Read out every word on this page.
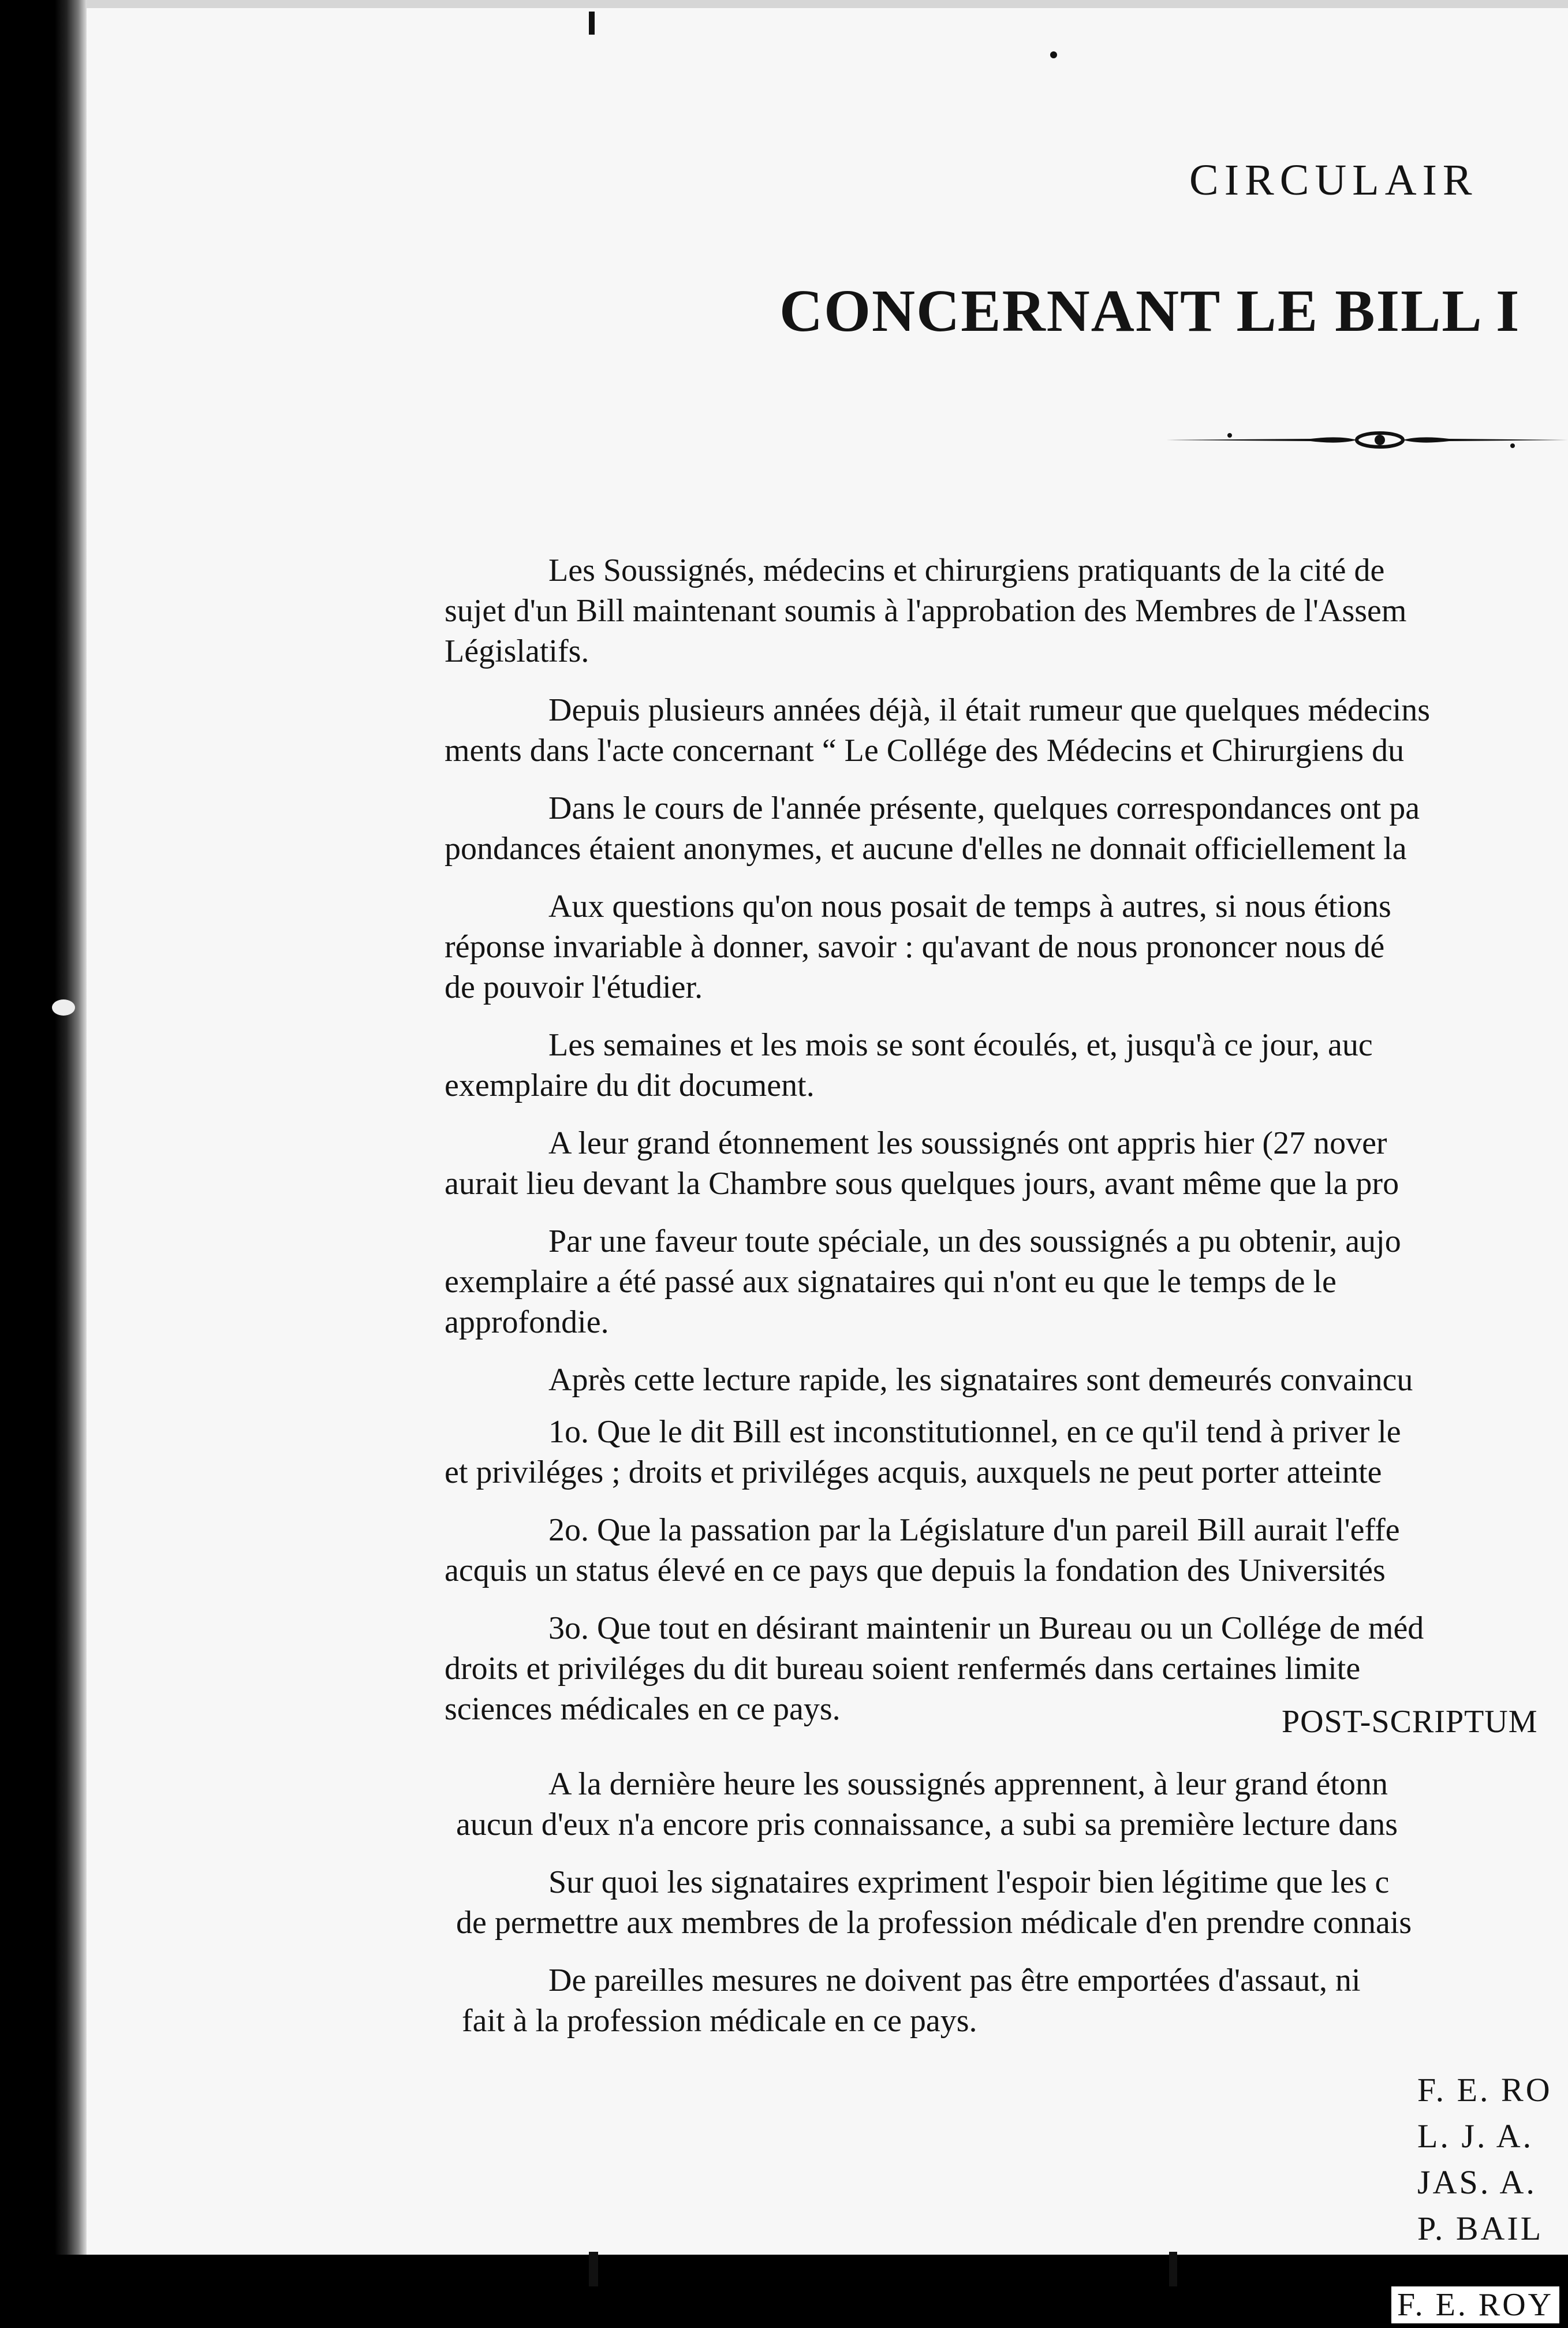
CIRCULAIR
CONCERNANT LE BILL I
Les Soussignés, médecins et chirurgiens pratiquants de la cité de
sujet d'un Bill maintenant soumis à l'approbation des Membres de l'Assem
Législatifs.
Depuis plusieurs années déjà, il était rumeur que quelques médecins
ments dans l'acte concernant “ Le Collége des Médecins et Chirurgiens du
Dans le cours de l'année présente, quelques correspondances ont pa
pondances étaient anonymes, et aucune d'elles ne donnait officiellement la
Aux questions qu'on nous posait de temps à autres, si nous étions
réponse invariable à donner, savoir : qu'avant de nous prononcer nous dé
de pouvoir l'étudier.
Les semaines et les mois se sont écoulés, et, jusqu'à ce jour, auc
exemplaire du dit document.
A leur grand étonnement les soussignés ont appris hier (27 nover
aurait lieu devant la Chambre sous quelques jours, avant même que la pro
Par une faveur toute spéciale, un des soussignés a pu obtenir, aujo
exemplaire a été passé aux signataires qui n'ont eu que le temps de le
approfondie.
Après cette lecture rapide, les signataires sont demeurés convaincu
1o. Que le dit Bill est inconstitutionnel, en ce qu'il tend à priver le
et priviléges ; droits et priviléges acquis, auxquels ne peut porter atteinte
2o. Que la passation par la Législature d'un pareil Bill aurait l'effe
acquis un status élevé en ce pays que depuis la fondation des Universités
3o. Que tout en désirant maintenir un Bureau ou un Collége de méd
droits et priviléges du dit bureau soient renfermés dans certaines limite
sciences médicales en ce pays.	POST-SCRIPTUM
A la dernière heure les soussignés apprennent, à leur grand étonn
aucun d'eux n'a encore pris connaissance, a subi sa première lecture dans
Sur quoi les signataires expriment l'espoir bien légitime que les c
de permettre aux membres de la profession médicale d'en prendre connais
De pareilles mesures ne doivent pas être emportées d'assaut, ni
fait à la profession médicale en ce pays.
F. E. RO
L. J. A.
JAS. A.
P. BAIL
F. E. ROY
